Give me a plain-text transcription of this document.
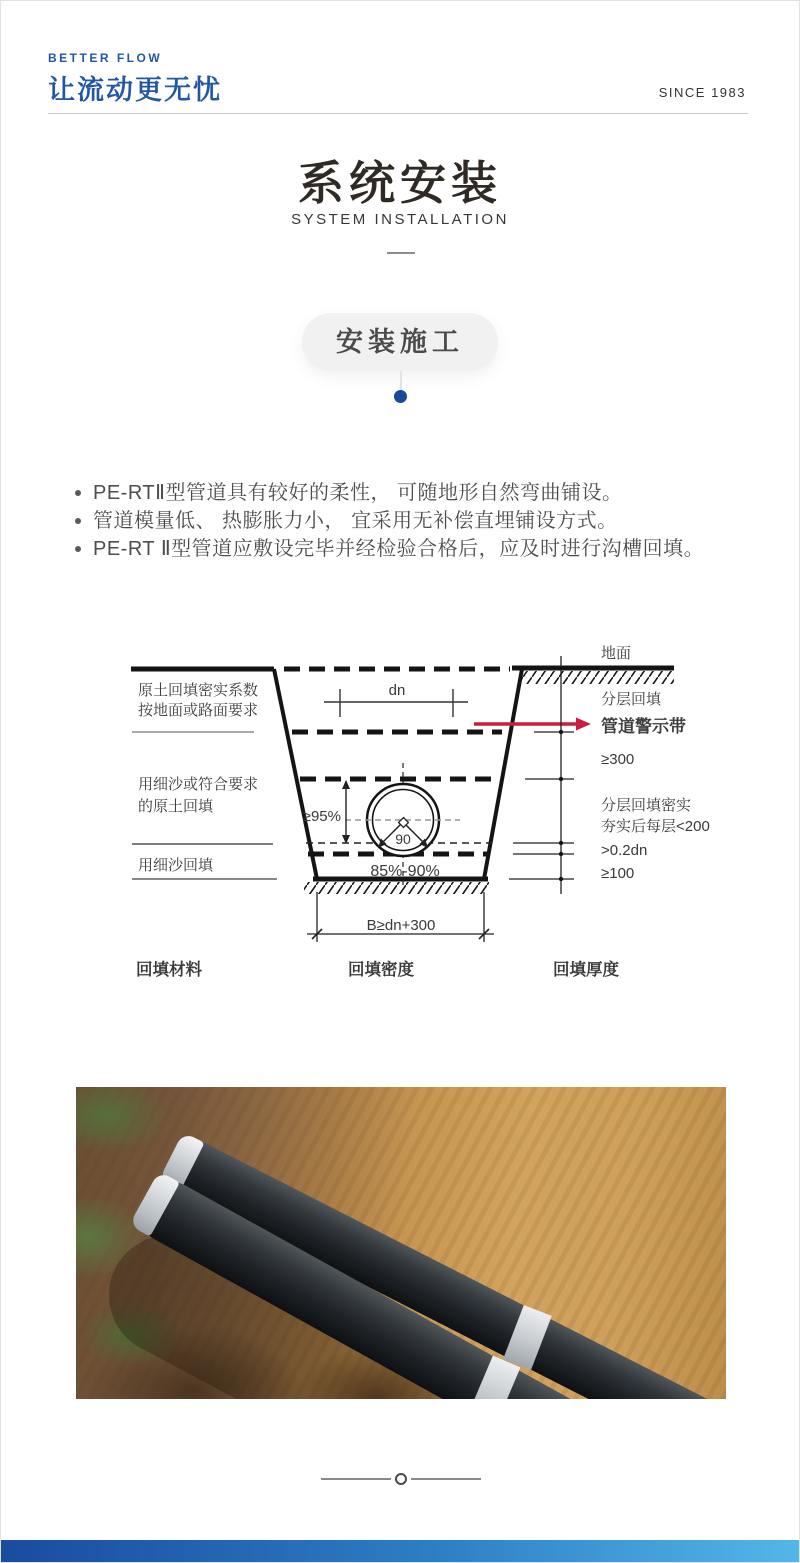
BETTER FLOW
让流动更无忧	SINCE 1983
系统安装
SYSTEM INSTALLATION
安装施工
PE-RTⅡ型管道具有较好的柔性， 可随地形自然弯曲铺设。
管道模量低、 热膨胀力小， 宜采用无补偿直埋铺设方式。
PE-RT Ⅱ型管道应敷设完毕并经检验合格后，应及时进行沟槽回填。
dn
90
≥95%
85%-90%
B≥dn+300
原土回填密实系数
按地面或路面要求
用细沙或符合要求
的原土回填
用细沙回填
地面
分层回填
管道警示带
≥300
分层回填密实
夯实后每层<200
>0.2dn
≥100
回填材料	回填密度	回填厚度
